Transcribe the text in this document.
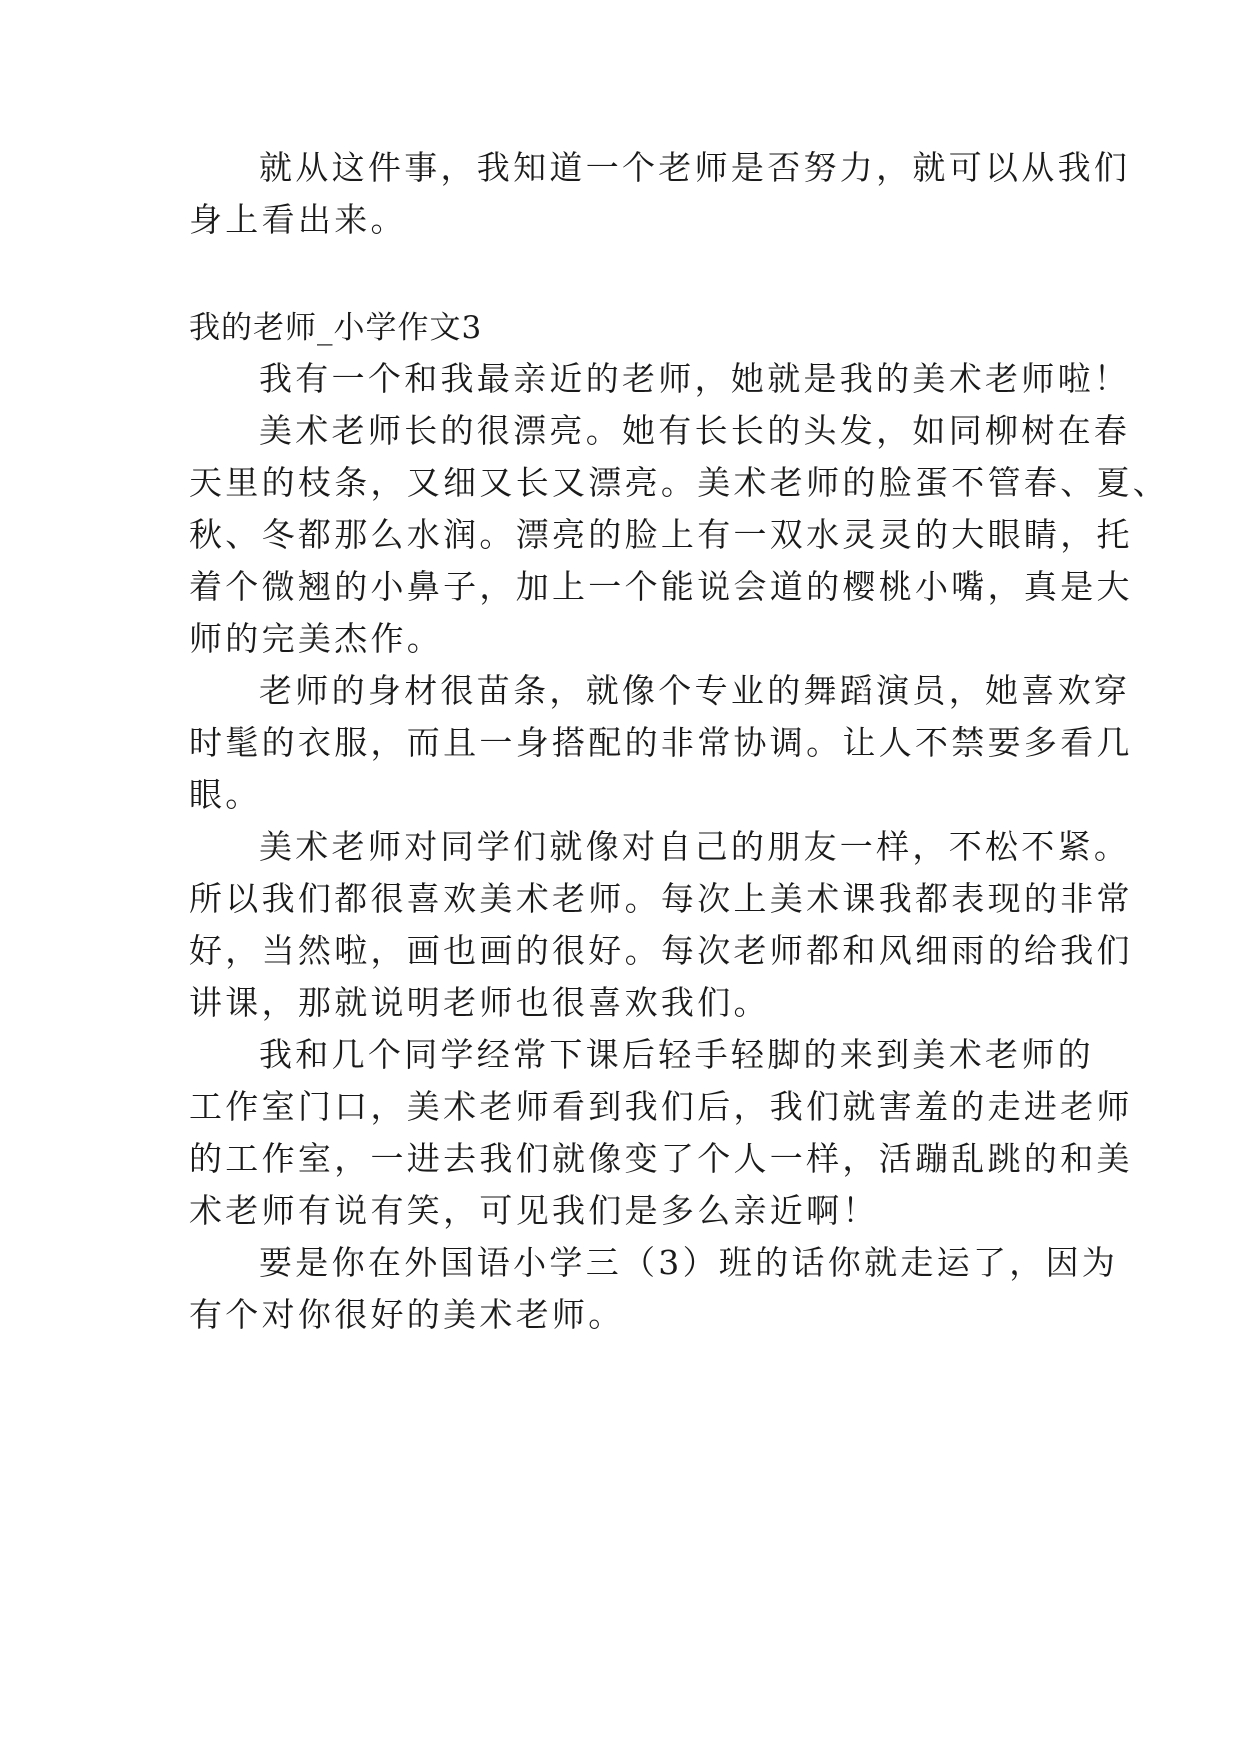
就从这件事，我知道一个老师是否努力，就可以从我们
身上看出来。
我的老师_小学作文3
我有一个和我最亲近的老师，她就是我的美术老师啦！
美术老师长的很漂亮。她有长长的头发，如同柳树在春
天里的枝条，又细又长又漂亮。美术老师的脸蛋不管春、夏、
秋、冬都那么水润。漂亮的脸上有一双水灵灵的大眼睛，托
着个微翘的小鼻子，加上一个能说会道的樱桃小嘴，真是大
师的完美杰作。
老师的身材很苗条，就像个专业的舞蹈演员，她喜欢穿
时髦的衣服，而且一身搭配的非常协调。让人不禁要多看几
眼。
美术老师对同学们就像对自己的朋友一样，不松不紧。
所以我们都很喜欢美术老师。每次上美术课我都表现的非常
好，当然啦，画也画的很好。每次老师都和风细雨的给我们
讲课，那就说明老师也很喜欢我们。
我和几个同学经常下课后轻手轻脚的来到美术老师的
工作室门口，美术老师看到我们后，我们就害羞的走进老师
的工作室，一进去我们就像变了个人一样，活蹦乱跳的和美
术老师有说有笑，可见我们是多么亲近啊！
要是你在外国语小学三（3）班的话你就走运了，因为
有个对你很好的美术老师。
